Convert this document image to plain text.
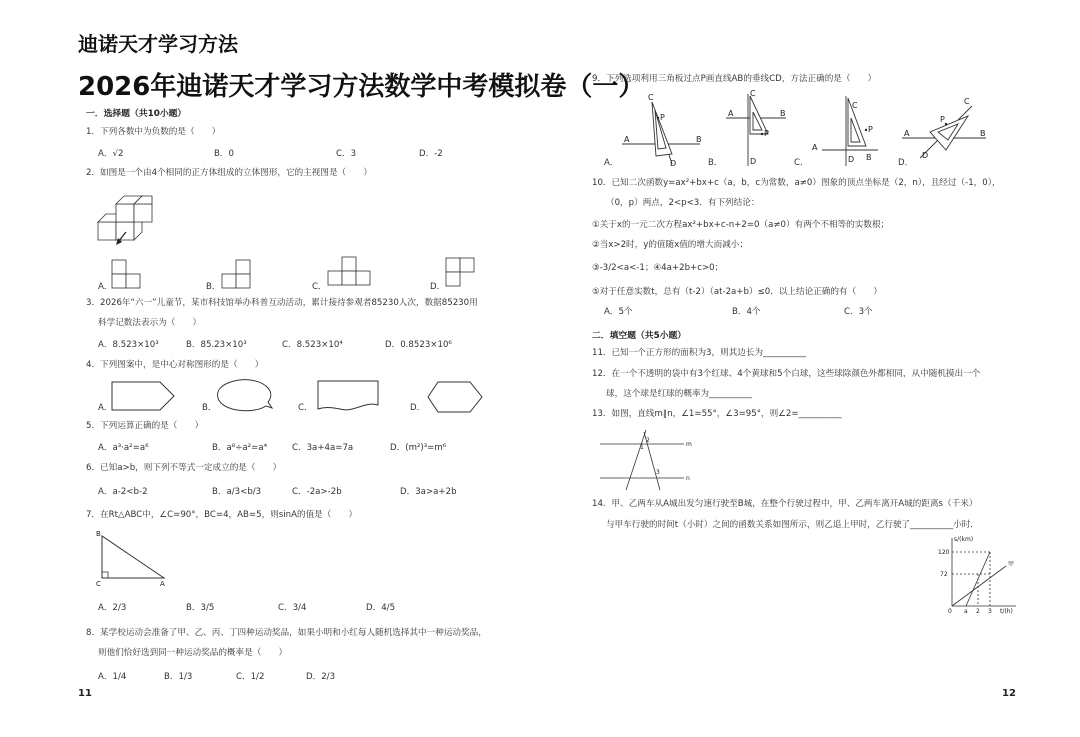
迪诺天才学习方法
2026年迪诺天才学习方法数学中考模拟卷（一）
一．选择题（共10小题）
1．下列各数中为负数的是（　　）
A．√2	B．0	C．3	D．-2
2．如图是一个由4个相同的正方体组成的立体图形，它的主视图是（　　）
A．	B．	C．	D．
3．2026年“六一”儿童节，某市科技馆举办科普互动活动，累计接待参观者85230人次，数据85230用
科学记数法表示为（　　）
A．8.523×10³	B．85.23×10³	C．8.523×10⁴	D．0.8523×10⁶
4．下列图案中，是中心对称图形的是（　　）
A．	B．	C．	D．
5．下列运算正确的是（　　）
A．a³·a²=a⁶	B．a⁸÷a²=a⁴	C．3a+4a=7a	D．(m²)³=m⁶
6．已知a>b，则下列不等式一定成立的是（　　）
A．a-2<b-2	B．a/3<b/3	C．-2a>-2b	D．3a>a+2b
7．在Rt△ABC中，∠C=90°，BC=4，AB=5，则sinA的值是（　　）
B
C	A
A．2/3	B．3/5	C．3/4	D．4/5
8．某学校运动会准备了甲、乙、丙、丁四种运动奖品，如果小明和小红每人随机选择其中一种运动奖品，
则他们恰好选到同一种运动奖品的概率是（　　）
A．1/4	B．1/3	C．1/2	D．2/3
11
9．下列选项利用三角板过点P画直线AB的垂线CD，方法正确的是（　　）
C
P
A	B
D
C
A	B
P
D
C
P
A
B
D
C
P
A	B
D
A．	B．	C．	D．
10．已知二次函数y=ax²+bx+c（a，b，c为常数，a≠0）图象的顶点坐标是（2，n），且经过（-1，0），
（0，p）两点，2<p<3．有下列结论：
①关于x的一元二次方程ax²+bx+c-n+2=0（a≠0）有两个不相等的实数根；
②当x>2时，y的值随x值的增大而减小；
③-3/2<a<-1；④4a+2b+c>0；
⑤对于任意实数t，总有（t-2）（at-2a+b）≤0．以上结论正确的有（　　）
A．5个	B．4个	C．3个
二．填空题（共5小题）
11．已知一个正方形的面积为3，则其边长为__________
12．在一个不透明的袋中有3个红球、4个黄球和5个白球，这些球除颜色外都相同，从中随机摸出一个
球，这个球是红球的概率为__________
13．如图，直线m∥n，∠1=55°，∠3=95°，则∠2=__________
m
n
2
1
3
14．甲、乙两车从A城出发匀速行驶至B城，在整个行驶过程中，甲、乙两车离开A城的距离s（千米）
与甲车行驶的时间t（小时）之间的函数关系如图所示，则乙追上甲时，乙行驶了__________小时．
s/(km)
120
72
0 a 2 3 t/(h)
甲
12
